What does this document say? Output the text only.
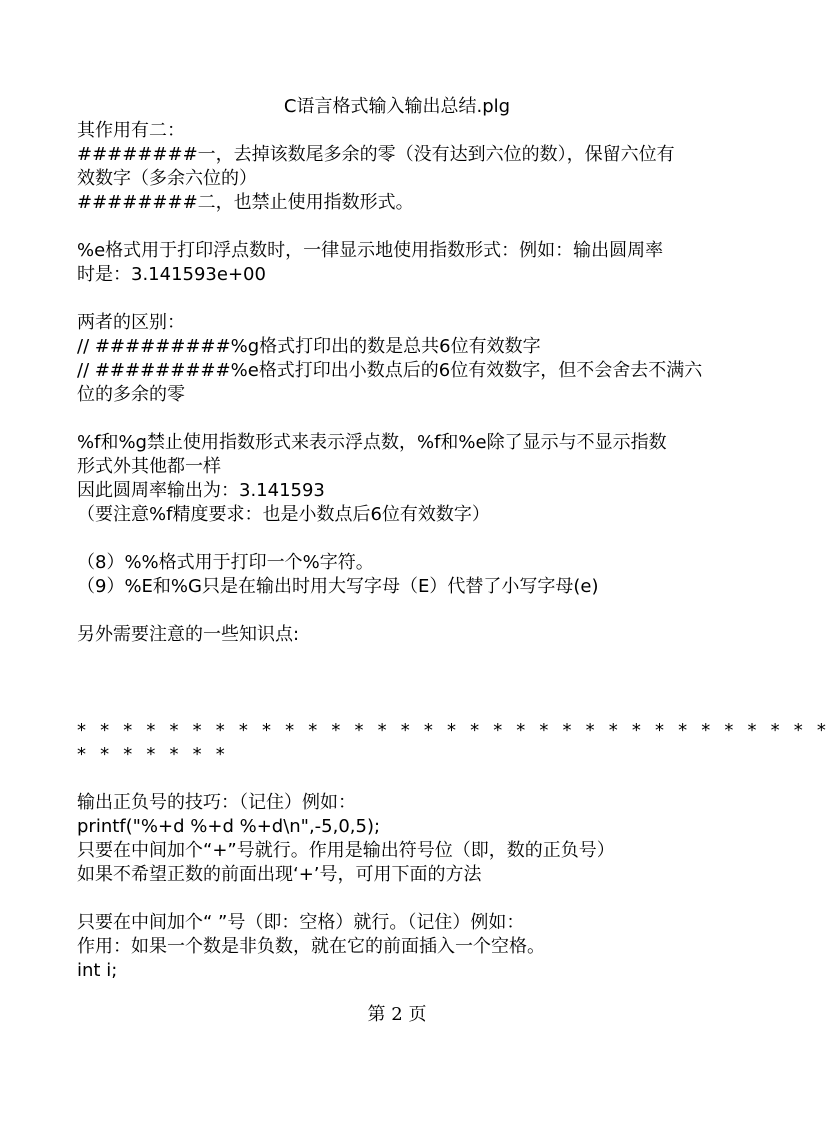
C语言格式输入输出总结.plg
其作用有二：
########一，去掉该数尾多余的零（没有达到六位的数），保留六位有
效数字（多余六位的）
########二，也禁止使用指数形式。
%e格式用于打印浮点数时，一律显示地使用指数形式：例如：输出圆周率
时是：3.141593e+00
两者的区别：
// #########%g格式打印出的数是总共6位有效数字
// #########%e格式打印出小数点后的6位有效数字，但不会舍去不满六
位的多余的零
%f和%g禁止使用指数形式来表示浮点数，%f和%e除了显示与不显示指数
形式外其他都一样
因此圆周率输出为：3.141593
（要注意%f精度要求：也是小数点后6位有效数字）
（8）%%格式用于打印一个%字符。
（9）%E和%G只是在输出时用大写字母（E）代替了小写字母(e)
另外需要注意的一些知识点:
* * * * * * * * * * * * * * * * * * * * * * * * * * * * * * * * *
* * * * * * *
输出正负号的技巧：（记住）例如：
printf("%+d %+d %+d\n",-5,0,5);
只要在中间加个“+”号就行。作用是输出符号位（即，数的正负号）
如果不希望正数的前面出现‘+’号，可用下面的方法
只要在中间加个“ ”号（即：空格）就行。（记住）例如：
作用：如果一个数是非负数，就在它的前面插入一个空格。
int i;
第 2 页
